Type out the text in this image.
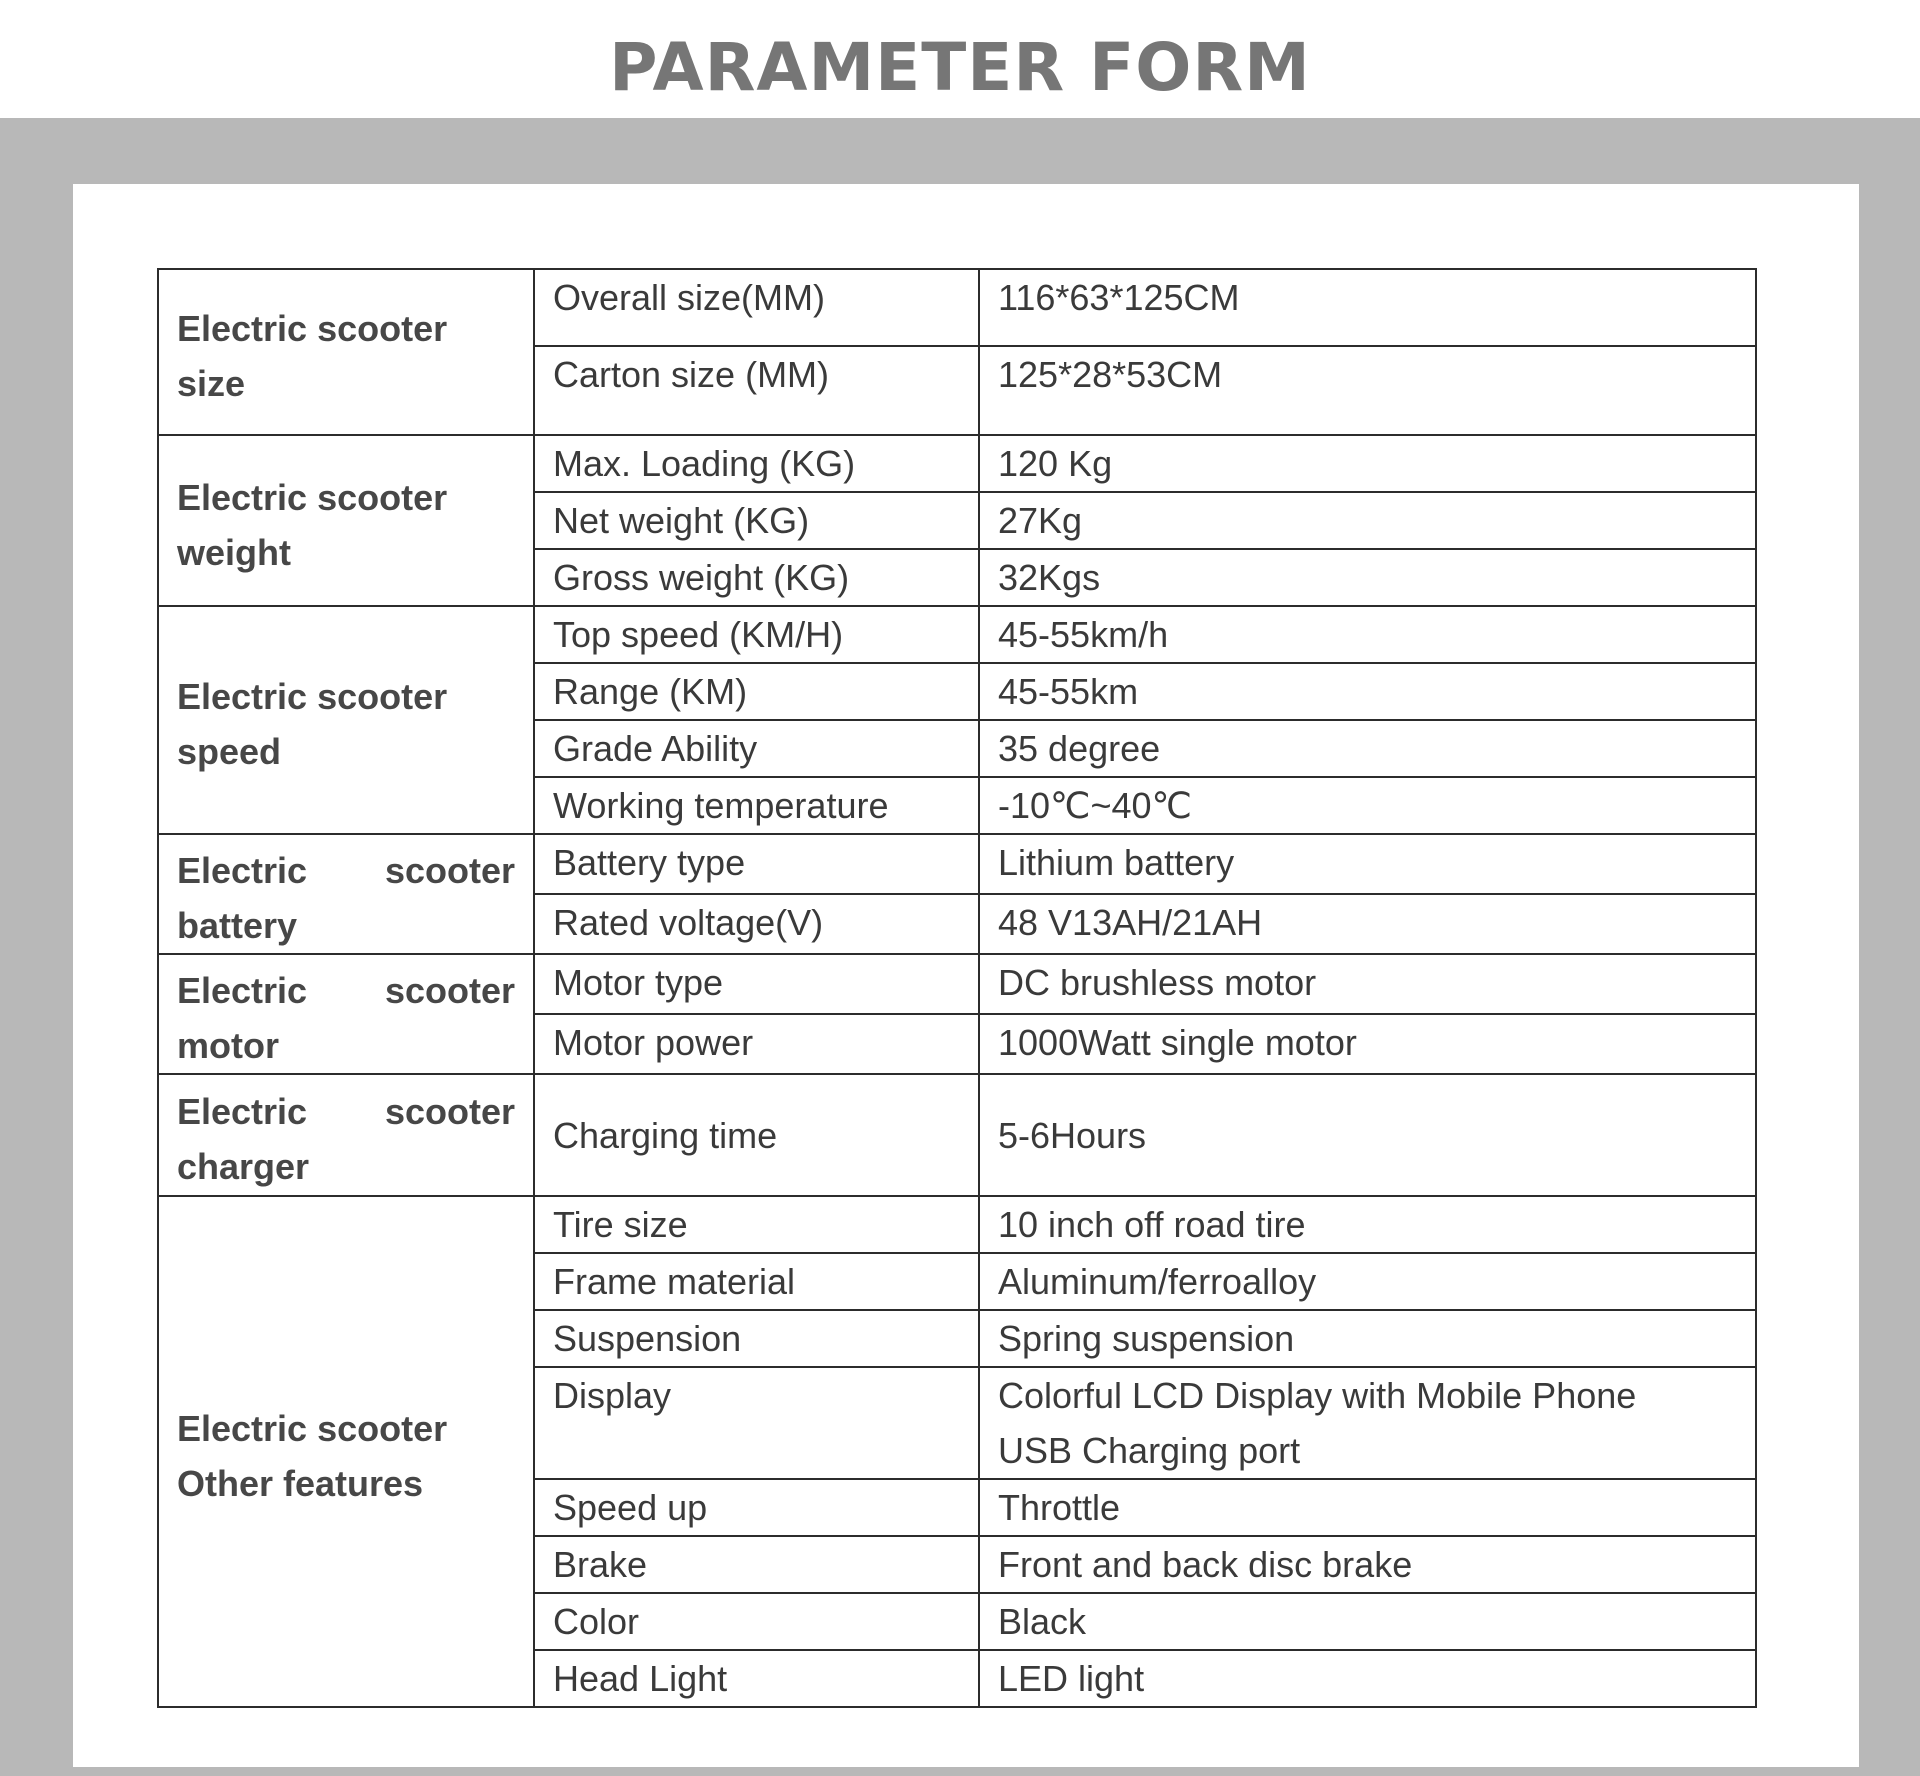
PARAMETER FORM
Electric scooter size	Overall size(MM)	116*63*125CM
	Carton size (MM)	125*28*53CM
Electric scooter weight	Max. Loading (KG)	120 Kg
	Net weight (KG)	27Kg
	Gross weight (KG)	32Kgs
Electric scooter speed	Top speed (KM/H)	45-55km/h
	Range (KM)	45-55km
	Grade Ability	35 degree
	Working temperature	-10℃~40℃
Electric scooter battery	Battery type	Lithium battery
	Rated voltage(V)	48 V13AH/21AH
Electric scooter motor	Motor type	DC brushless motor
	Motor power	1000Watt single motor
Electric scooter charger	Charging time	5-6Hours
Electric scooter Other features	Tire size	10 inch off road tire
	Frame material	Aluminum/ferroalloy
	Suspension	Spring suspension
	Display	Colorful LCD Display with Mobile Phone
USB Charging port
	Speed up	Throttle
	Brake	Front and back disc brake
	Color	Black
	Head Light	LED light
